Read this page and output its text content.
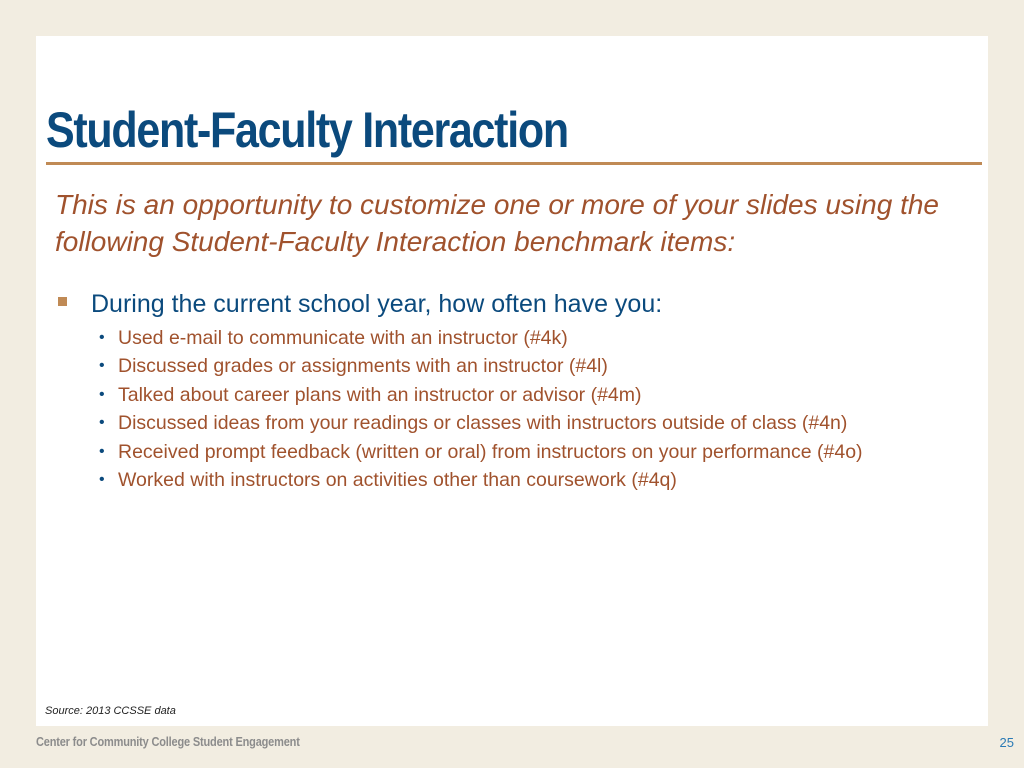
Student-Faculty Interaction

This is an opportunity to customize one or more of your slides using the following Student-Faculty Interaction benchmark items:

During the current school year, how often have you:
• Used e-mail to communicate with an instructor (#4k)
• Discussed grades or assignments with an instructor (#4l)
• Talked about career plans with an instructor or advisor (#4m)
• Discussed ideas from your readings or classes with instructors outside of class (#4n)
• Received prompt feedback (written or oral) from instructors on your performance (#4o)
• Worked with instructors on activities other than coursework (#4q)
Source: 2013 CCSSE data
Center for Community College Student Engagement	25
